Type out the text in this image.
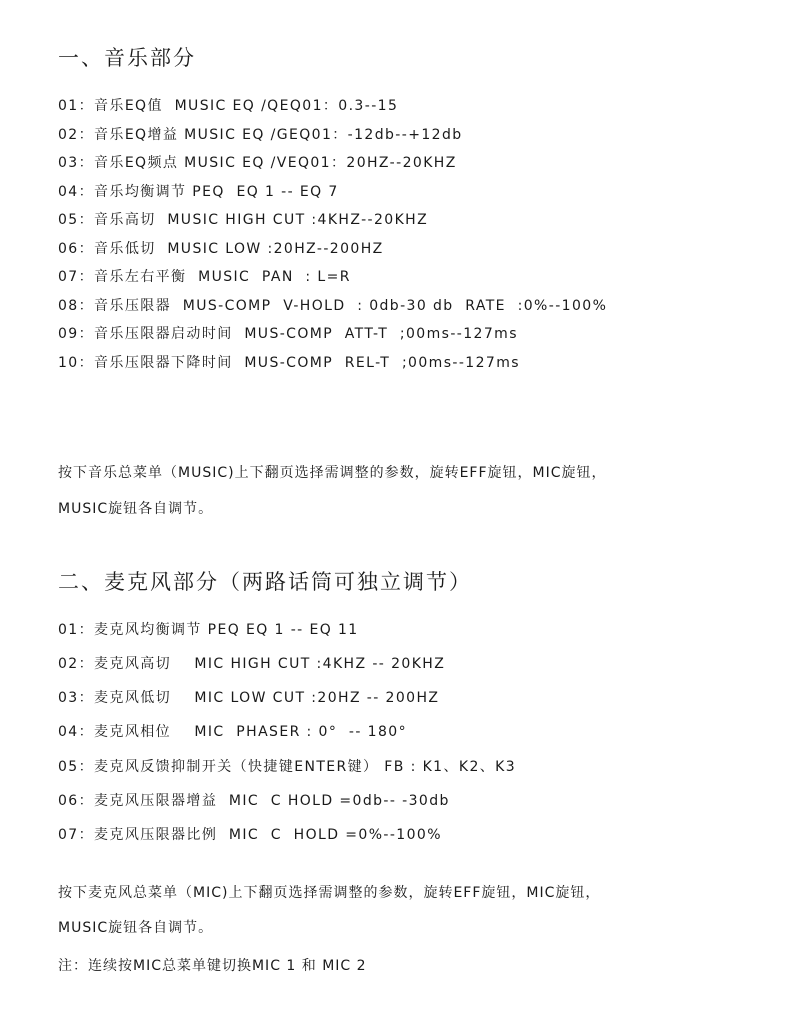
一、音乐部分
01：音乐EQ值  MUSIC EQ /QEQ01：0.3--15
02：音乐EQ增益 MUSIC EQ /GEQ01：-12db--+12db
03：音乐EQ频点 MUSIC EQ /VEQ01：20HZ--20KHZ
04：音乐均衡调节 PEQ  EQ 1 -- EQ 7
05：音乐高切  MUSIC HIGH CUT :4KHZ--20KHZ
06：音乐低切  MUSIC LOW :20HZ--200HZ
07：音乐左右平衡  MUSIC  PAN  : L=R
08：音乐压限器  MUS-COMP  V-HOLD  : 0db-30 db  RATE  :0%--100%
09：音乐压限器启动时间  MUS-COMP  ATT-T  ;00ms--127ms
10：音乐压限器下降时间  MUS-COMP  REL-T  ;00ms--127ms
按下音乐总菜单（MUSIC)上下翻页选择需调整的参数，旋转EFF旋钮，MIC旋钮，
MUSIC旋钮各自调节。
二、麦克风部分（两路话筒可独立调节）
01：麦克风均衡调节 PEQ EQ 1 -- EQ 11
02：麦克风高切    MIC HIGH CUT :4KHZ -- 20KHZ
03：麦克风低切    MIC LOW CUT :20HZ -- 200HZ
04：麦克风相位    MIC  PHASER : 0°  -- 180°
05：麦克风反馈抑制开关（快捷键ENTER键） FB : K1、K2、K3
06：麦克风压限器增益  MIC  C HOLD =0db-- -30db
07：麦克风压限器比例  MIC  C  HOLD =0%--100%
按下麦克风总菜单（MIC)上下翻页选择需调整的参数，旋转EFF旋钮，MIC旋钮，
MUSIC旋钮各自调节。
注：连续按MIC总菜单键切换MIC 1 和 MIC 2
